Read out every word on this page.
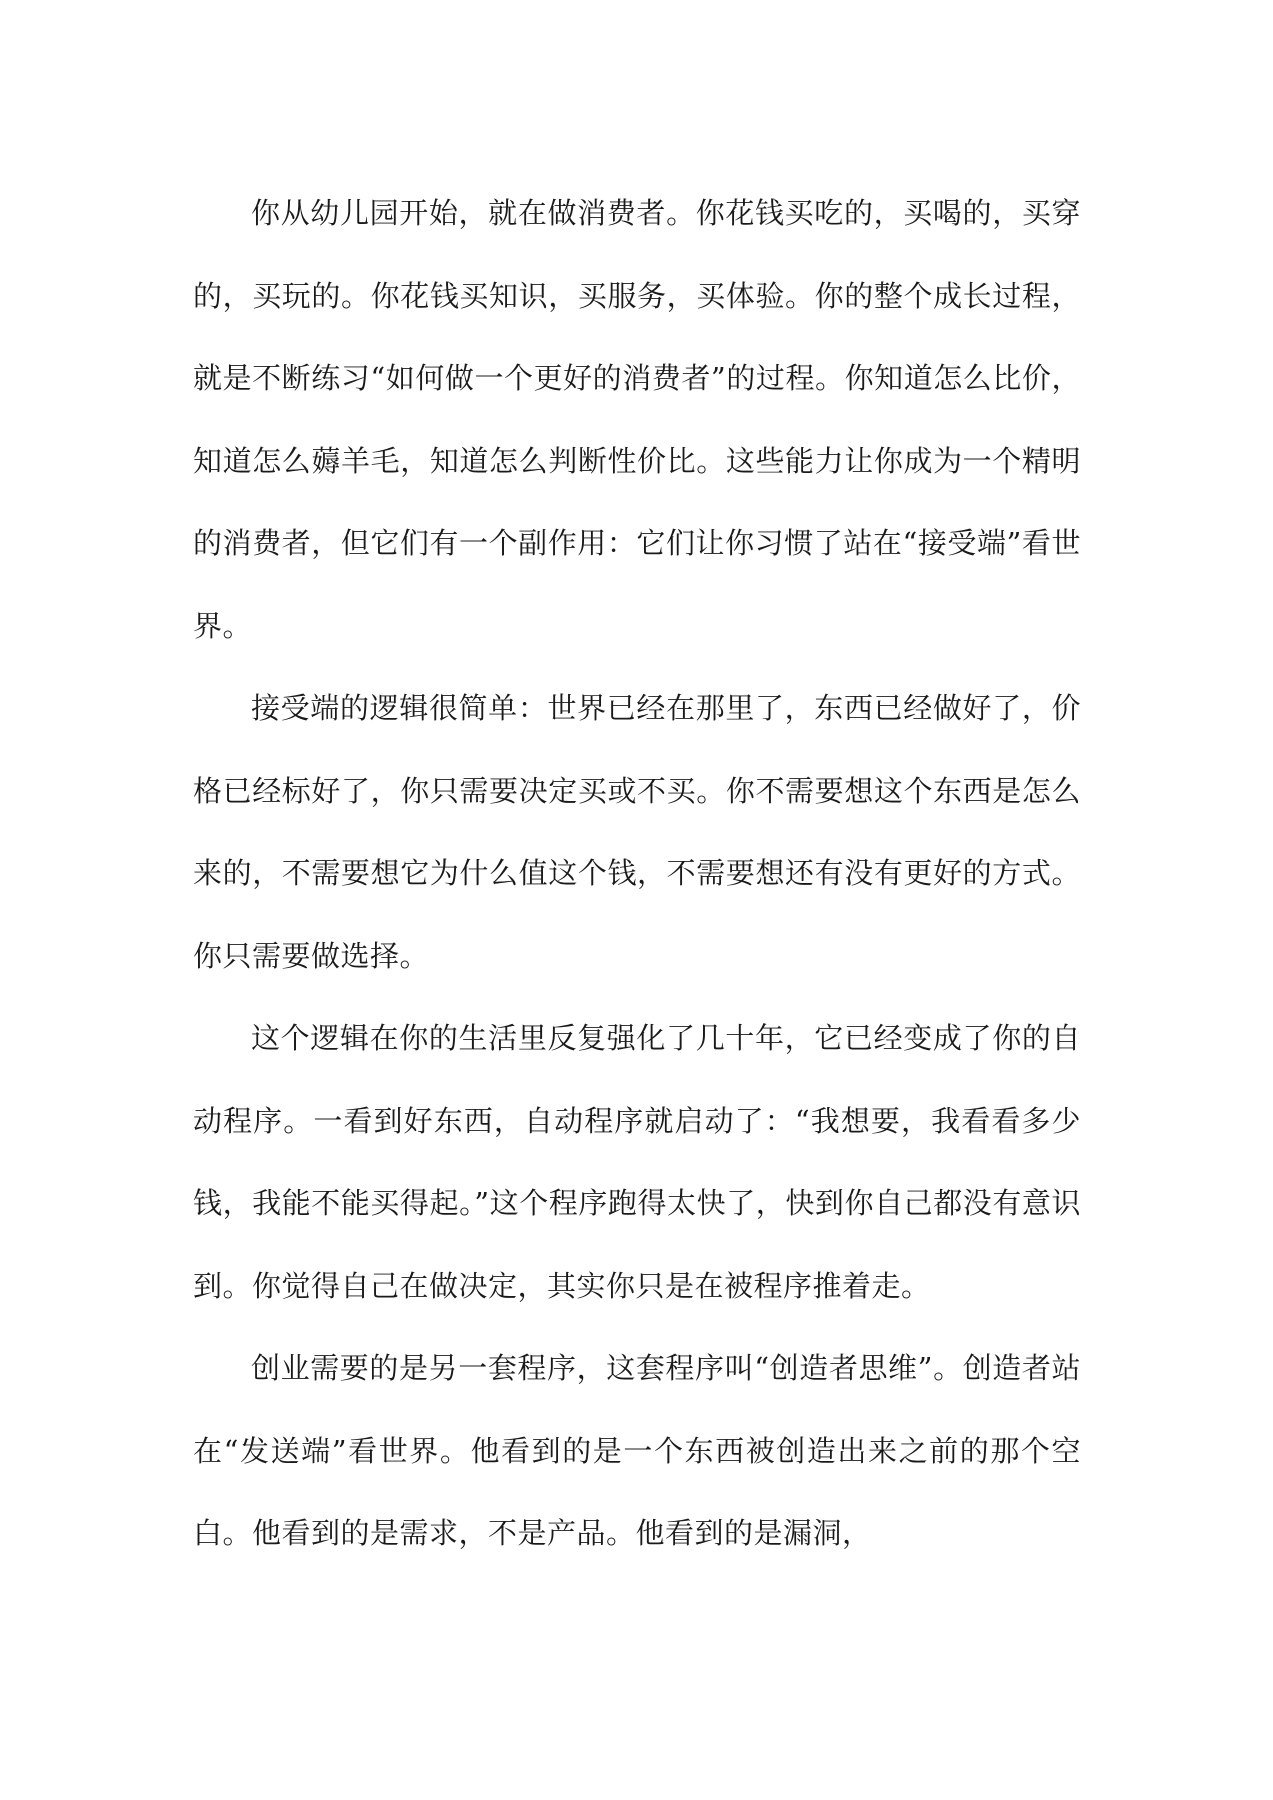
你从幼儿园开始，就在做消费者。你花钱买吃的，买喝的，买穿的，买玩的。你花钱买知识，买服务，买体验。你的整个成长过程，就是不断练习“如何做一个更好的消费者”的过程。你知道怎么比价，知道怎么薅羊毛，知道怎么判断性价比。这些能力让你成为一个精明的消费者，但它们有一个副作用：它们让你习惯了站在“接受端”看世界。

接受端的逻辑很简单：世界已经在那里了，东西已经做好了，价格已经标好了，你只需要决定买或不买。你不需要想这个东西是怎么来的，不需要想它为什么值这个钱，不需要想还有没有更好的方式。你只需要做选择。

这个逻辑在你的生活里反复强化了几十年，它已经变成了你的自动程序。一看到好东西，自动程序就启动了：“我想要，我看看多少钱，我能不能买得起。”这个程序跑得太快了，快到你自己都没有意识到。你觉得自己在做决定，其实你只是在被程序推着走。

创业需要的是另一套程序，这套程序叫“创造者思维”。创造者站在“发送端”看世界。他看到的是一个东西被创造出来之前的那个空白。他看到的是需求，不是产品。他看到的是漏洞，
